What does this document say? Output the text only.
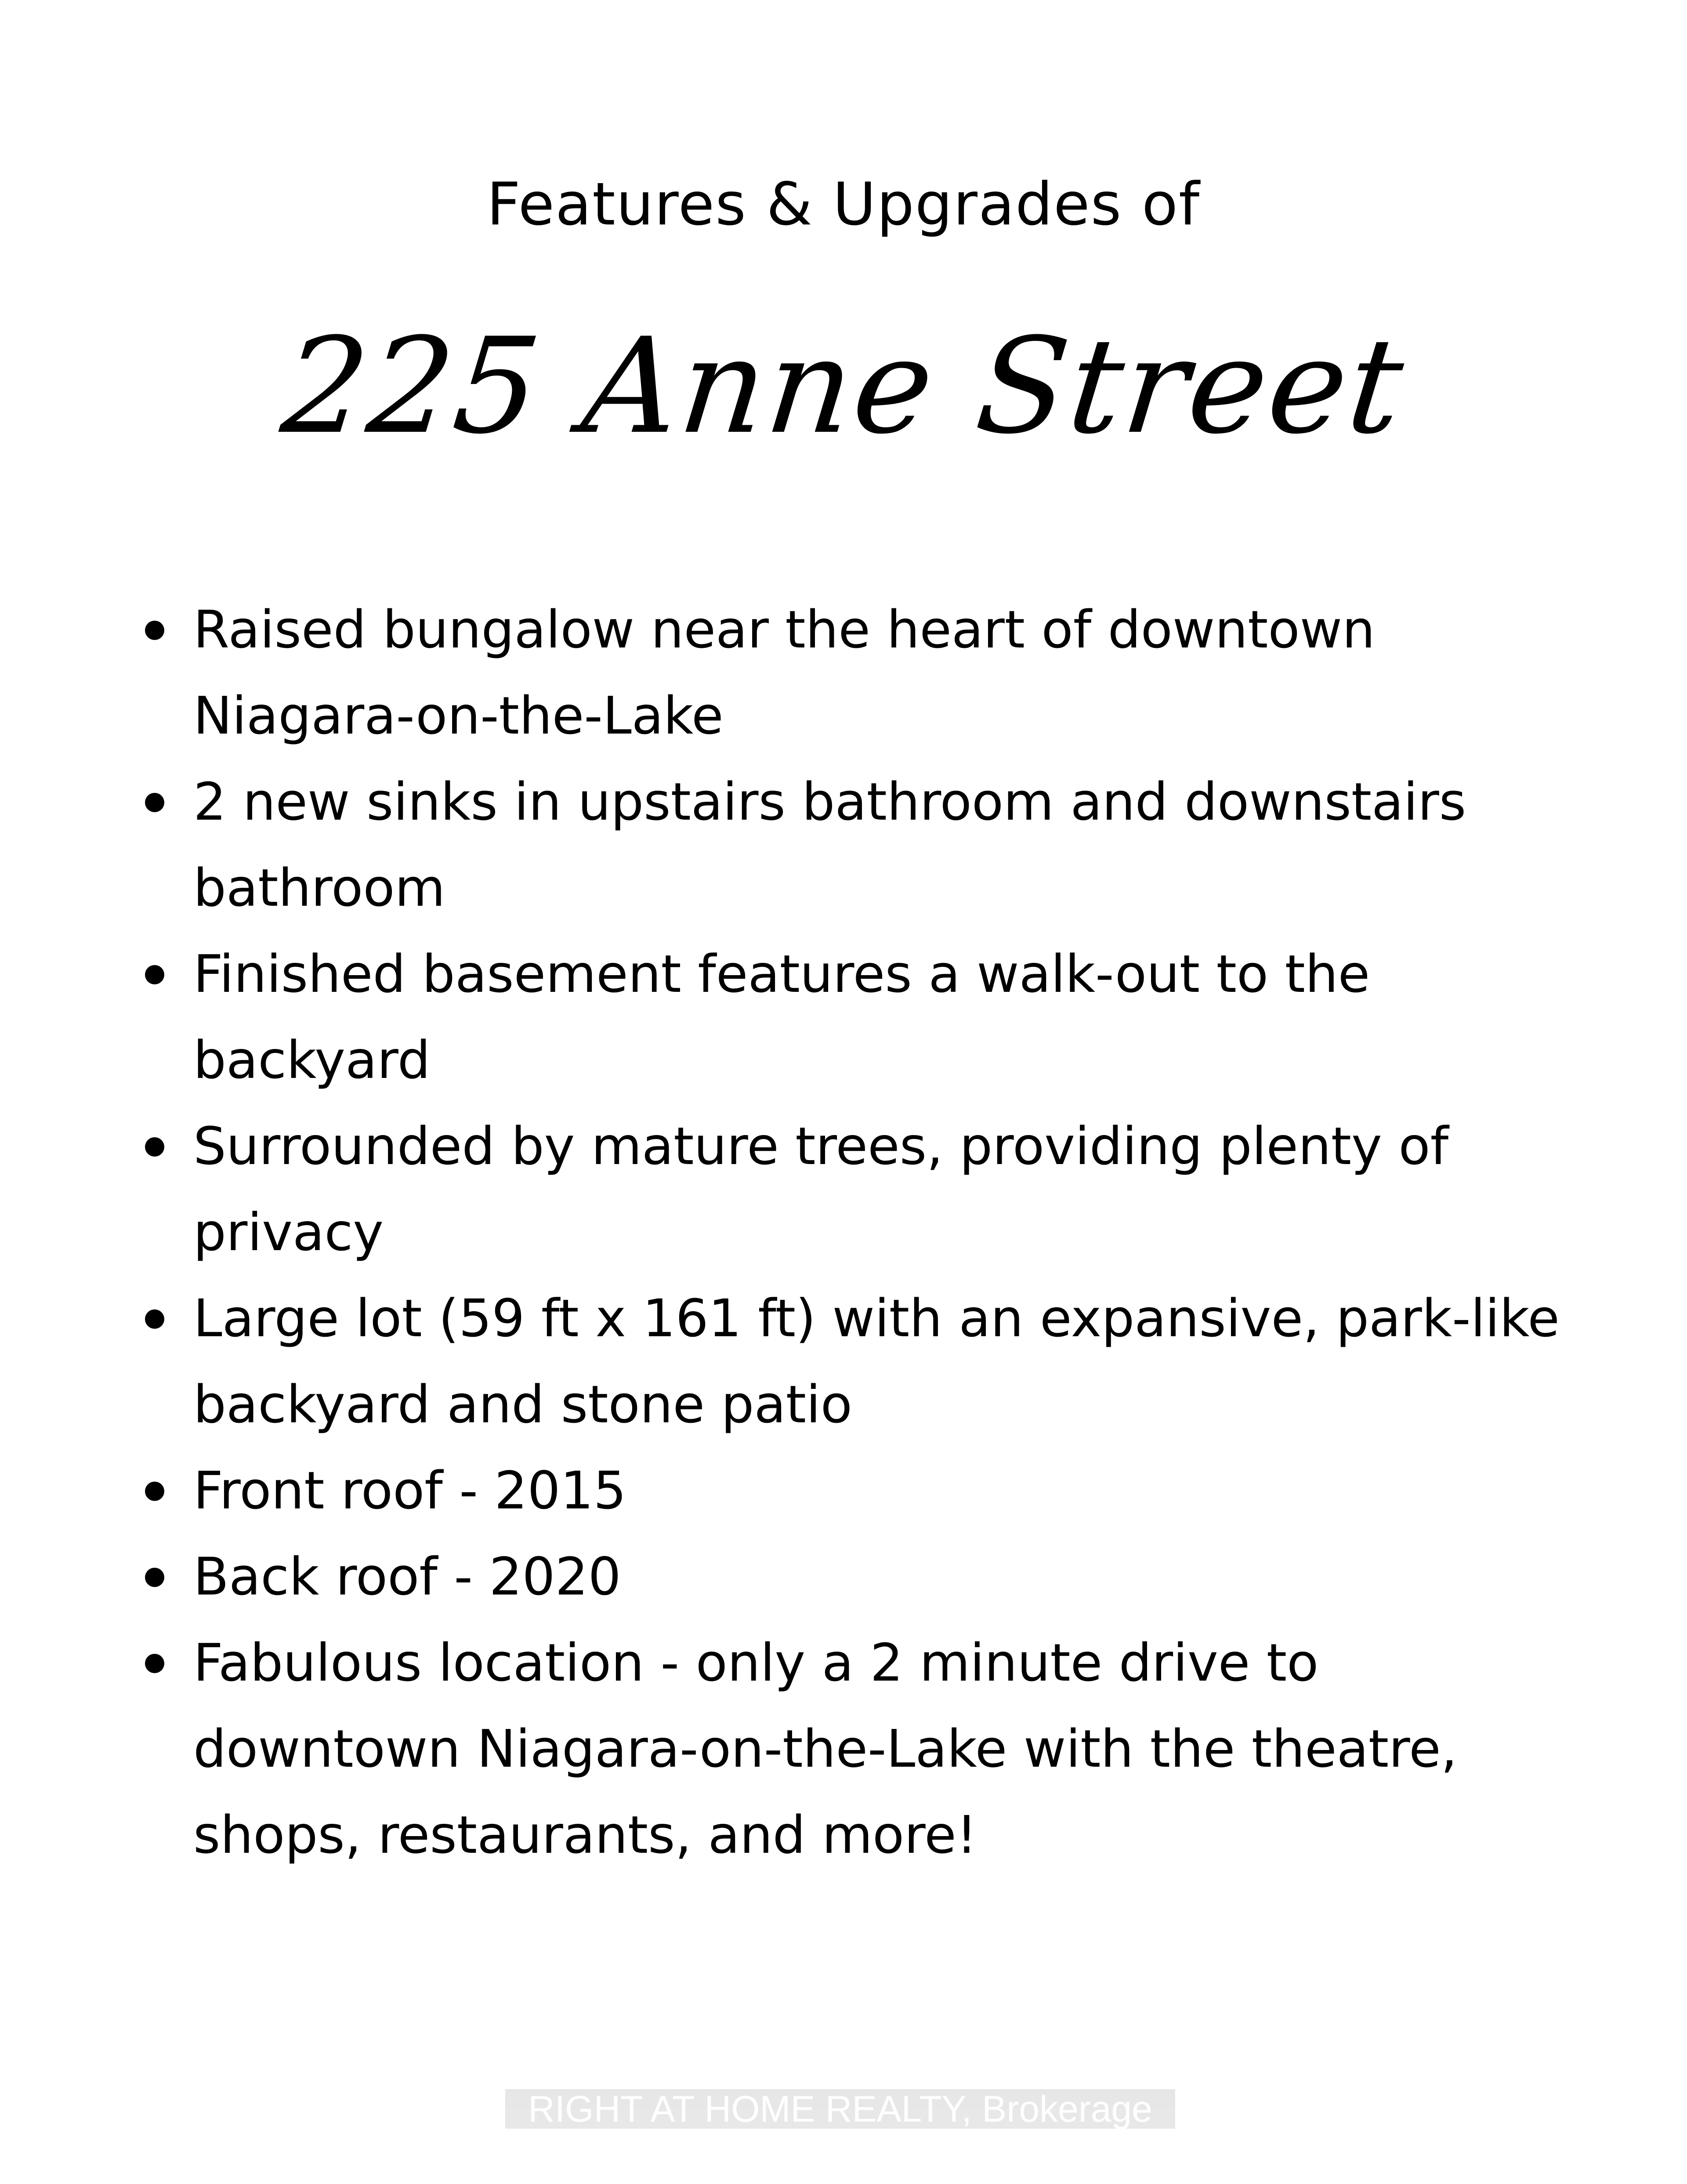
Features & Upgrades of
225 Anne Street
Raised bungalow near the heart of downtown Niagara-on-the-Lake
2 new sinks in upstairs bathroom and downstairs bathroom
Finished basement features a walk-out to the backyard
Surrounded by mature trees, providing plenty of privacy
Large lot (59 ft x 161 ft) with an expansive, park-like backyard and stone patio
Front roof - 2015
Back roof - 2020
Fabulous location - only a 2 minute drive to downtown Niagara-on-the-Lake with the theatre, shops, restaurants, and more!
RIGHT AT HOME REALTY, Brokerage
